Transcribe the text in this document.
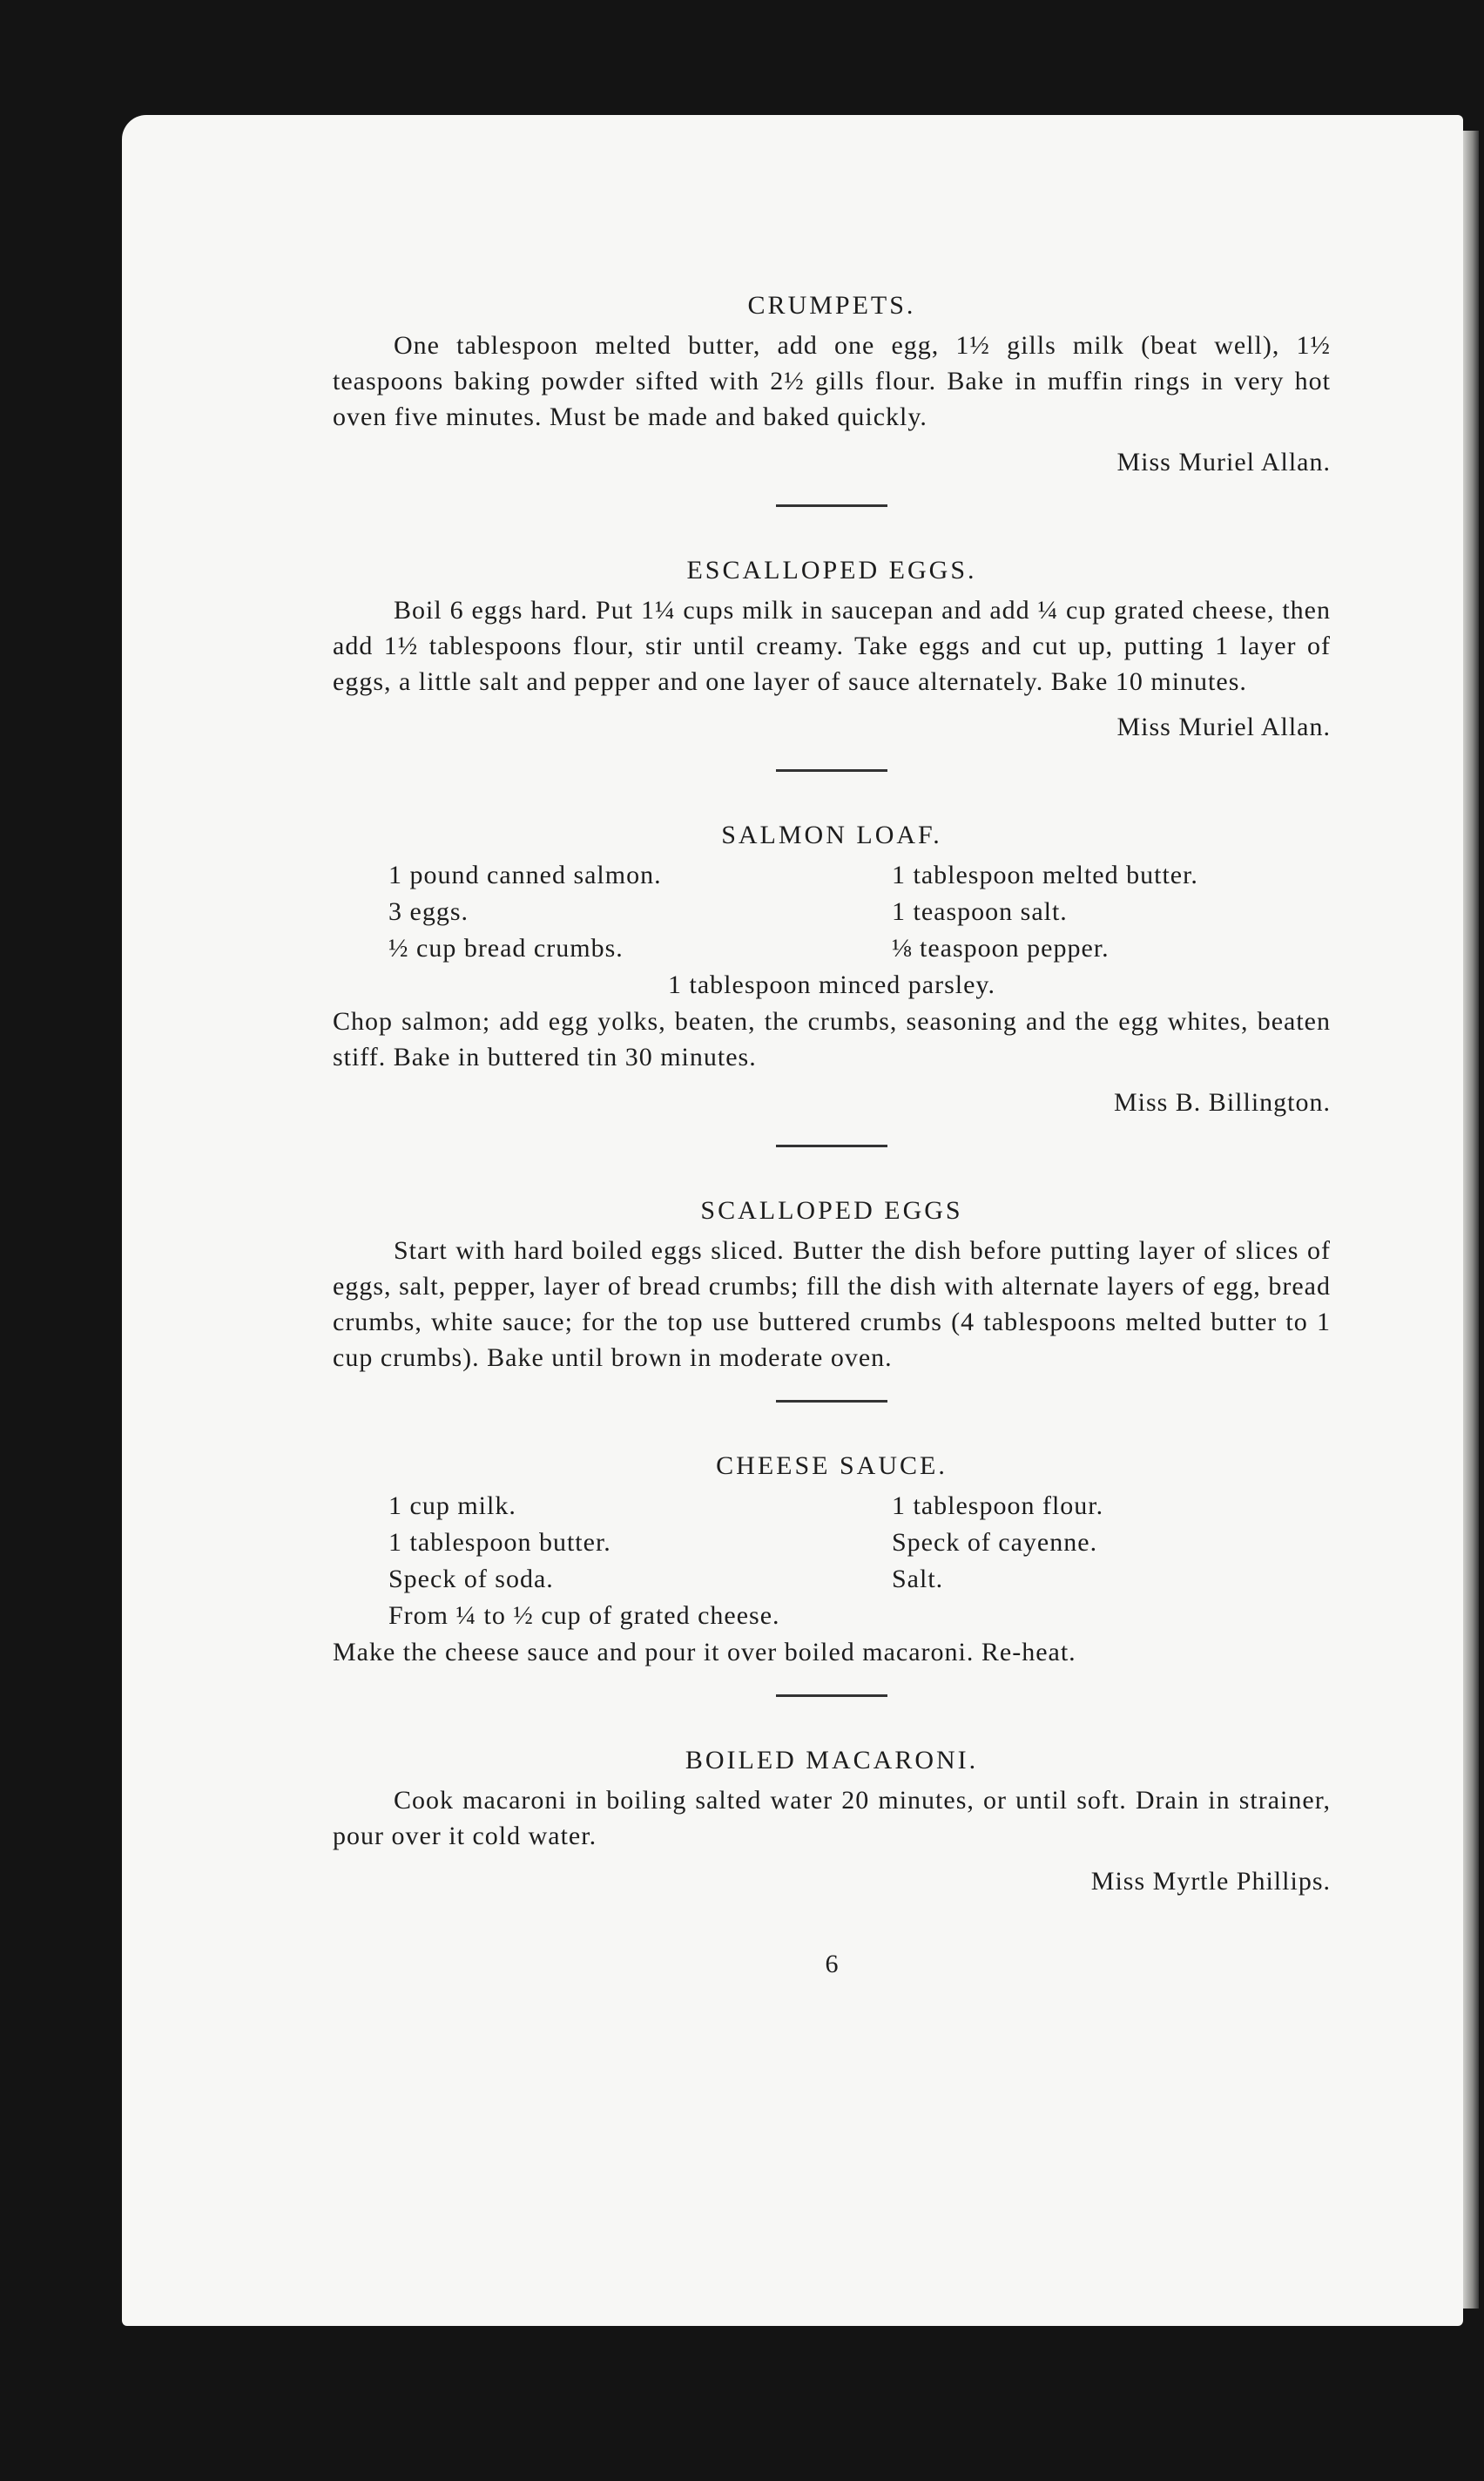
CRUMPETS.

One tablespoon melted butter, add one egg, 1½ gills milk (beat well), 1½ teaspoons baking powder sifted with 2½ gills flour. Bake in muffin rings in very hot oven five minutes. Must be made and baked quickly.

Miss Muriel Allan.
ESCALLOPED EGGS.

Boil 6 eggs hard. Put 1¼ cups milk in saucepan and add ¼ cup grated cheese, then add 1½ tablespoons flour, stir until creamy. Take eggs and cut up, putting 1 layer of eggs, a little salt and pepper and one layer of sauce alternately. Bake 10 minutes.

Miss Muriel Allan.
SALMON LOAF.
1 pound canned salmon.	1 tablespoon melted butter.
3 eggs.	1 teaspoon salt.
½ cup bread crumbs.	⅛ teaspoon pepper.
1 tablespoon minced parsley.

Chop salmon; add egg yolks, beaten, the crumbs, seasoning and the egg whites, beaten stiff. Bake in buttered tin 30 minutes.

Miss B. Billington.
SCALLOPED EGGS

Start with hard boiled eggs sliced. Butter the dish before putting layer of slices of eggs, salt, pepper, layer of bread crumbs; fill the dish with alternate layers of egg, bread crumbs, white sauce; for the top use buttered crumbs (4 tablespoons melted butter to 1 cup crumbs). Bake until brown in moderate oven.

CHEESE SAUCE.
1 cup milk.	1 tablespoon flour.
1 tablespoon butter.	Speck of cayenne.
Speck of soda.	Salt.
From ¼ to ½ cup of grated cheese.

Make the cheese sauce and pour it over boiled macaroni. Re-heat.

BOILED MACARONI.

Cook macaroni in boiling salted water 20 minutes, or until soft. Drain in strainer, pour over it cold water.

Miss Myrtle Phillips.
6
